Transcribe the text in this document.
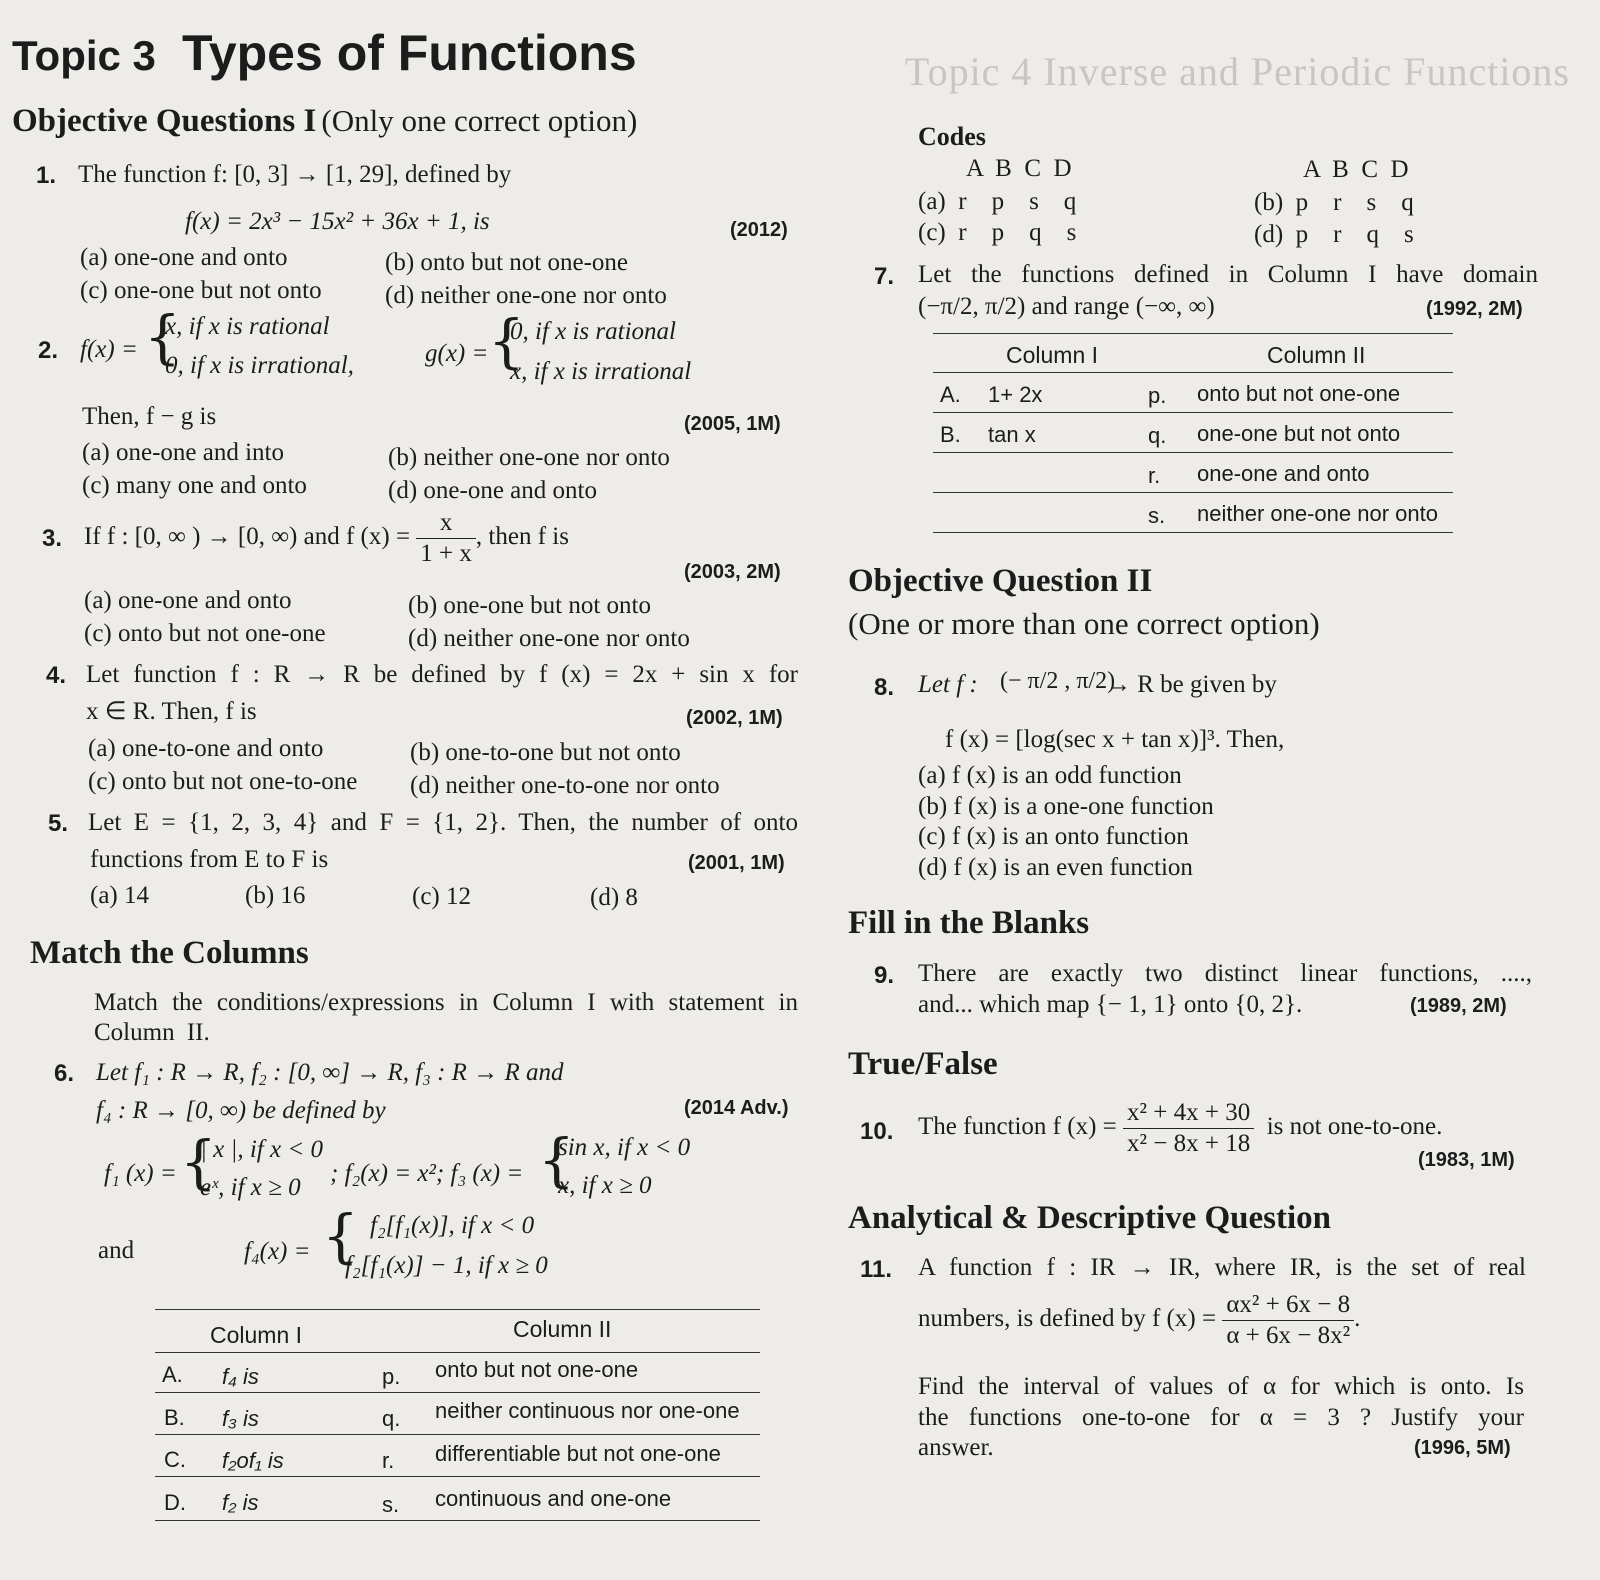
Topic 4 Inverse and Periodic Functions
Topic 3 Types of Functions
Objective Questions I (Only one correct option)
1. The function f: [0, 3] → [1, 29], defined by
f(x) = 2x³ − 15x² + 36x + 1, is	(2012)
(a) one-one and onto	(b) onto but not one-one
(c) one-one but not onto	(d) neither one-one nor onto
2. f(x) = {
x, if x is rational
0, if x is irrational,	g(x) = {
0, if x is rational
x, if x is irrational
Then, f − g is	(2005, 1M)
(a) one-one and into	(b) neither one-one nor onto
(c) many one and onto	(d) one-one and onto
3. If f : [0, ∞ ) → [0, ∞) and f $(x) = \frac{x}{1 + x}$ , then f is
(2003, 2M)
(a) one-one and onto	(b) one-one but not onto
(c) onto but not one-one	(d) neither one-one nor onto
4. Let function f : R → R be defined by f (x) = 2x + sin x for
x ∈ R. Then, f is	(2002, 1M)
(a) one-to-one and onto	(b) one-to-one but not onto
(c) onto but not one-to-one (d) neither one-to-one nor onto
5. Let E = {1, 2, 3, 4} and F = {1, 2}. Then, the number of onto
functions from E to F is	(2001, 1M)
(a) 14	(b) 16	(c) 12	(d) 8
Match the Columns
Match the conditions/expressions in Column I with statement in Column II.
6. Let f₁ : R → R, f₂ : [0, ∞] → R, f₃ : R → R and
f₄ : R → [0, ∞) be defined by	(2014 Adv.)
f₁ (x) = {
| x |, if x < 0
eˣ, if x ≥ 0
; f₂(x) = x²; f₃ (x) = {
sin x, if x < 0
x, if x ≥ 0
and	f₄(x) = { f₂[f₁(x)], if x < 0
f₂[f₁(x)] − 1, if x ≥ 0
Column I	Column II
A. f₄ is	p. onto but not one-one
B. f₃ is	q. neither continuous nor one-one
C. f₂of₁ is	r. differentiable but not one-one
D. f₂ is	s. continuous and one-one
Codes
A  B  C  D	A  B  C  D
(a)  r    p    s    q	(b)  p    r    s    q
(c)  r    p    q    s	(d)  p    r    q    s
7. Let the functions defined in Column I have domain
(−π/2, π/2) and range (−∞, ∞)	(1992, 2M)
Column I	Column II
A. 1+ 2x	p. onto but not one-one
B. tan x	q. one-one but not onto
r. one-one and onto
s. neither one-one nor onto
Objective Question II
(One or more than one correct option)
8. Let f : (− π/2 , π/2)
→ R be given by
f (x) = [log(sec x + tan x)]³. Then,
(a) f (x) is an odd function
(b) f (x) is a one-one function
(c) f (x) is an onto function
(d) f (x) is an even function
Fill in the Blanks
9. There are exactly two distinct linear functions, ....,
and... which map {− 1, 1} onto {0, 2}.	(1989, 2M)
True/False
10. The function f $(x) = \frac{\text{x² + 4x + 30}}{\text{x² − 8x + 18}}$ is not one-to-one.
(1983, 1M)
Analytical & Descriptive Question
11. A function f : IR → IR, where IR, is the set of real
numbers, is defined by f $(x) = \frac{\text{αx² + 6x − 8}}{\text{α + 6x − 8x²}}$ .
Find the interval of values of α for which is onto. Is
the functions one-to-one for α = 3 ? Justify your
answer.	(1996, 5M)
